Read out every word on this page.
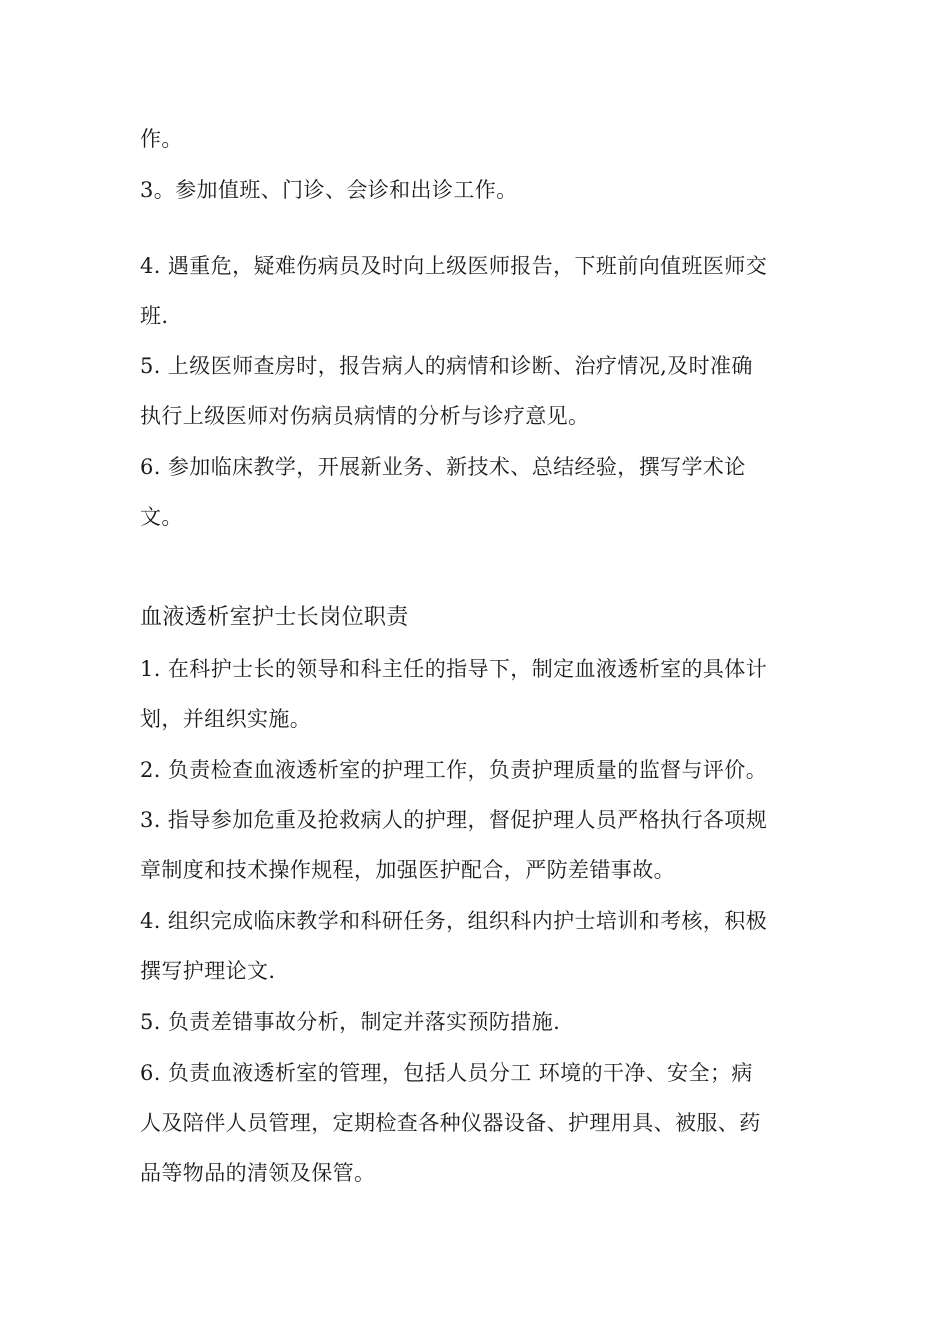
作。
3。参加值班、门诊、会诊和出诊工作。
4. 遇重危，疑难伤病员及时向上级医师报告，下班前向值班医师交
班.
5. 上级医师查房时，报告病人的病情和诊断、治疗情况,及时准确
执行上级医师对伤病员病情的分析与诊疗意见。
6. 参加临床教学，开展新业务、新技术、总结经验，撰写学术论
文。
血液透析室护士长岗位职责
1. 在科护士长的领导和科主任的指导下，制定血液透析室的具体计
划，并组织实施。
2. 负责检查血液透析室的护理工作，负责护理质量的监督与评价。
3. 指导参加危重及抢救病人的护理，督促护理人员严格执行各项规
章制度和技术操作规程，加强医护配合，严防差错事故。
4. 组织完成临床教学和科研任务，组织科内护士培训和考核，积极
撰写护理论文.
5. 负责差错事故分析，制定并落实预防措施.
6. 负责血液透析室的管理，包括人员分工 环境的干净、安全；病
人及陪伴人员管理，定期检查各种仪器设备、护理用具、被服、药
品等物品的清领及保管。
